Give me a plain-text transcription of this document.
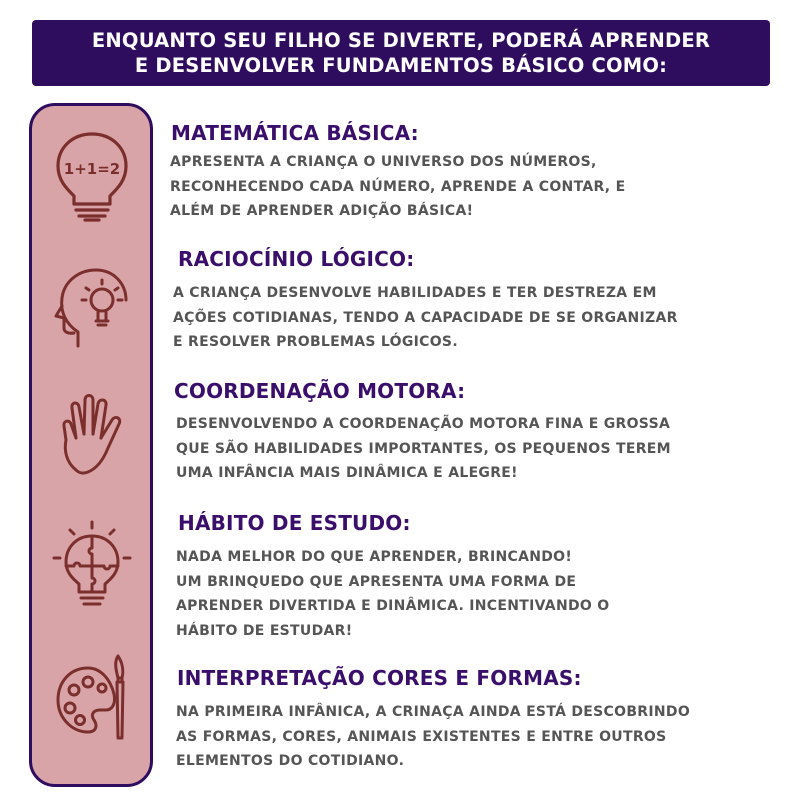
ENQUANTO SEU FILHO SE DIVERTE, PODERÁ APRENDER
E DESENVOLVER FUNDAMENTOS BÁSICO COMO:
1+1=2
MATEMÁTICA BÁSICA:
APRESENTA A CRIANÇA O UNIVERSO DOS NÚMEROS,
RECONHECENDO CADA NÚMERO, APRENDE A CONTAR, E
ALÉM DE APRENDER ADIÇÃO BÁSICA!
RACIOCÍNIO LÓGICO:
A CRIANÇA DESENVOLVE HABILIDADES E TER DESTREZA EM
AÇÕES COTIDIANAS, TENDO A CAPACIDADE DE SE ORGANIZAR
E RESOLVER PROBLEMAS LÓGICOS.
COORDENAÇÃO MOTORA:
DESENVOLVENDO A COORDENAÇÃO MOTORA FINA E GROSSA
QUE SÃO HABILIDADES IMPORTANTES, OS PEQUENOS TEREM
UMA INFÂNCIA MAIS DINÂMICA E ALEGRE!
HÁBITO DE ESTUDO:
NADA MELHOR DO QUE APRENDER, BRINCANDO!
UM BRINQUEDO QUE APRESENTA UMA FORMA DE
APRENDER DIVERTIDA E DINÂMICA. INCENTIVANDO O
HÁBITO DE ESTUDAR!
INTERPRETAÇÃO CORES E FORMAS:
NA PRIMEIRA INFÂNICA, A CRINAÇA AINDA ESTÁ DESCOBRINDO
AS FORMAS, CORES, ANIMAIS EXISTENTES E ENTRE OUTROS
ELEMENTOS DO COTIDIANO.
